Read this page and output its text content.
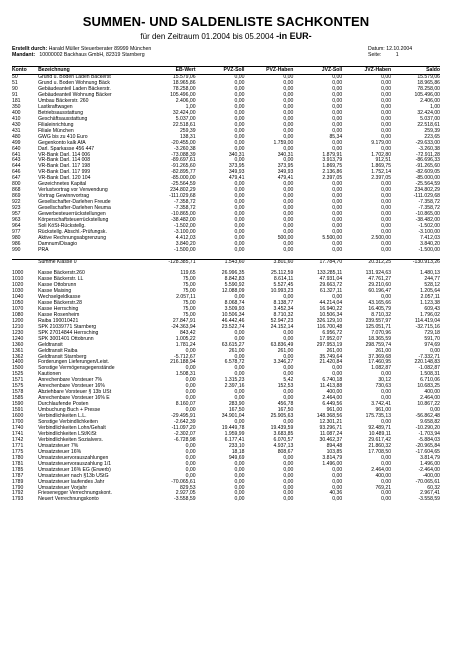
SUMMEN- UND SALDENLISTE SACHKONTEN
für den Zeitraum 01.2004 bis 05.2004 -in EUR-
Erstellt durch: Harald Müller Steuerberater 89999 München
Mandant: 10000002 Backhaus GmbH, 82319 Starnberg
Datum: 12.10.2004
Seite:	1
Konto	Bezeichnung	EB-Wert	PVZ-Soll	PVZ-Haben	JVZ-Soll	JVZ-Haben	Saldo
50	Grund u. Boden Laden Bäckerst	15.579,06	0,00	0,00	0,00	0,00	15.579,06
51	Grund u. Boden Wohnung Bäck	18.965,86	0,00	0,00	0,00	0,00	18.965,86
90	Gebäudeanteil Laden Bäckerstr.	78.258,00	0,00	0,00	0,00	0,00	78.258,00
91	Gebäudeanteil Wohnung Bäcker	105.496,00	0,00	0,00	0,00	0,00	105.496,00
181	Umbau Bäckerstr. 260	2.406,00	0,00	0,00	0,00	0,00	2.406,00
350	Lastkraftwagen	1,00	0,00	0,00	0,00	0,00	1,00
400	Betriebsausstattung	32.424,00	0,00	0,00	0,00	0,00	32.424,00
410	Geschäftsausstattung	5.037,00	0,00	0,00	0,00	0,00	5.037,00
430	Filialeinrichtung	22.518,61	0,00	0,00	0,00	0,00	22.518,61
431	Filiale München	259,39	0,00	0,00	0,00	0,00	259,39
480	GWG bis zu 410 Euro	138,31	0,00	0,00	85,34	0,00	223,65
499	Gegenkonto kalk AfA	-20.455,00	0,00	1.759,00	0,00	9.179,00	-29.633,00
640	Darl. Sparkasse 456 447	-3.260,38	0,00	0,00	0,00	0,00	-3.260,38
641	VR-Bank Darl. 114 006	-73.088,39	340,31	340,31	1.879,91	1.702,80	-72.911,28
643	VR-Bank Darl. 114 008	-89.697,61	0,00	0,00	3.913,79	912,51	-86.696,33
644	VR-Bank Darl. 117 198	-91.265,60	373,95	373,95	1.869,75	1.869,75	-91.265,60
646	VR-Bank Darl. 117 999	-82.895,77	349,93	349,93	2.136,86	1.752,14	-82.609,05
647	VR-Bank Darl. 120 104	-85.000,00	479,41	479,41	2.397,05	2.397,05	-85.000,00
800	Gezeichnetes Kapital	-25.564,59	0,00	0,00	0,00	0,00	-25.564,59
868	Verlustvortrag vor Verwendung	234.802,29	0,00	0,00	0,00	0,00	234.802,29
869	Vortrag Gewinnvortrag	-111.029,68	0,00	0,00	0,00	0,00	-111.029,68
922	Gesellschafter-Darlehen Freude	-7.358,72	0,00	0,00	0,00	0,00	-7.358,72
923	Gesellschafter-Darlehen Neuma	-7.358,72	0,00	0,00	0,00	0,00	-7.358,72
957	Gewerbesteuerrückstellungen	-10.865,00	0,00	0,00	0,00	0,00	-10.865,00
963	Körperschaftsteuerrückstellung	-38.482,00	0,00	0,00	0,00	0,00	-38.482,00
964	Soli KöSt-Rückstellg.	-1.502,00	0,00	0,00	0,00	0,00	-1.502,00
977	Rückstellg. Abschl.-Prüfungsk.	-3.100,00	0,00	0,00	0,00	0,00	-3.100,00
980	Aktive Rechnungsabgrenzung	4.412,03	0,00	500,00	5.500,00	2.500,00	7.412,03
986	Damnum/Disagio	3.840,20	0,00	0,00	0,00	0,00	3.840,20
990	PRA	-1.500,00	0,00	0,00	0,00	0,00	-1.500,00

	Summe Klasse 0	-128.385,71	1.543,60	3.801,60	17.784,70	20.312,25	-130.913,26

1000	Kasse Bäckerstr.260	119,65	26.996,35	25.112,59	133.285,11	131.924,63	1.480,13
1010	Kasse Bäckerstr. LL	75,00	8.842,83	8.614,11	47.931,04	47.761,27	244,77
1020	Kasse Ottobrunn	75,00	5.590,92	5.527,45	29.663,72	29.210,60	528,12
1030	Kasse Maising	75,00	12.088,09	10.993,23	61.327,11	60.196,47	1.205,64
1040	Wechselgeldkasse	2.057,11	0,00	0,00	0,00	0,00	2.057,11
1050	Kasse Bäckerstr.28	75,00	8.068,74	8.138,77	44.214,04	43.165,66	1.123,38
1070	Kasse Herrsching	75,00	3.509,93	3.452,34	16.940,22	16.405,79	609,43
1080	Kasse Rosenheim	75,00	10.506,34	8.710,32	10.506,34	8.710,32	1.796,02
1200	Raiba 190010421	27.847,91	46.442,46	52.947,23	326.129,10	239.557,97	114.419,04
1210	SPK 21039771 Starnberg	-24.363,94	23.522,74	24.152,14	116.700,48	125.051,71	-32.715,16
1230	SPK 27014844 Herrsching	843,42	0,00	0,00	6.956,72	7.070,96	729,18
1240	SPK 3001401 Ottobrunn	1.005,22	0,00	0,00	17.952,07	18.365,59	591,70
1360	Geldtransit	1.781,24	63.615,27	63.836,49	297.953,19	298.759,74	974,69
1361	Geldtransit Raiba	0,00	261,00	261,00	261,00	261,00	0,00
1362	Geldtransit Starnberg	-5.712,67	0,00	0,00	35.749,64	37.369,68	-7.332,71
1400	Forderungen Lieferungen/Leist.	216.188,94	6.578,72	3.346,27	21.420,84	17.460,95	220.148,83
1500	Sonstige Vermögensgegenstände	0,00	0,00	0,00	0,00	1.082,87	-1.082,87
1525	Kautionen	1.508,31	0,00	0,00	0,00	0,00	1.508,31
1571	Anrechenbare Vorsteuer 7%	0,00	1.315,23	5,42	6.740,18	30,12	6.710,06
1575	Anrechenbare Vorsteuer 16%	0,00	2.397,16	152,53	11.413,88	730,63	10.683,25
1578	Abziehbare Vorsteuer § 13b USt	0,00	0,00	0,00	400,00	0,00	400,00
1585	Anrechenbare Vorsteuer 16% E	0,00	0,00	0,00	2.464,00	0,00	2.464,00
1590	Durchlaufende Posten	8.160,07	283,90	456,78	6.449,56	3.742,41	10.867,22
1591	Umbuchung Buch + Presse	0,00	167,50	167,50	961,00	961,00	0,00
1600	Verbindlichkeiten L.L.	-29.495,91	34.901,04	25.905,63	148.368,56	175.735,13	-56.862,48
1700	Sonstige Verbindlichkeiten	-2.642,39	0,00	0,00	12.301,21	0,00	9.658,82
1740	Verbindlichkeiten Lohn/Gehalt	-11.097,20	19.449,78	19.439,59	93.296,71	92.489,71	-10.290,20
1741	Verbindlichkeiten LSt/KiSt	-2.302,07	1.959,99	3.683,85	11.087,24	10.489,11	-1.703,94
1742	Verbindlichkeiten Sozialvers.	-6.728,98	6.177,41	6.070,57	30.462,37	29.617,42	-5.884,03
1771	Umsatzsteuer 7%	0,00	233,10	4.937,13	894,48	21.860,32	-20.965,84
1775	Umsatzsteuer 16%	0,00	18,18	808,67	103,85	17.708,50	-17.604,65
1780	Umsatzsteuervorauszahlungen	0,00	949,69	0,00	3.814,79	0,00	3.814,79
1781	Umsatzsteuervorauszahlung 1/1	0,00	0,00	0,00	1.496,00	0,00	1.496,00
1785	Umsatzsteuer 16% EG (Erwerb)	0,00	0,00	0,00	0,00	2.464,00	-2.464,00
1787	Umsatzsteuer nach §13b UStG	0,00	0,00	0,00	0,00	400,00	-400,00
1789	Umsatzsteuer laufendes Jahr	-70.065,61	0,00	0,00	0,00	0,00	-70.065,61
1790	Umsatzsteuer Vorjahr	829,53	0,00	0,00	0,00	769,21	60,32
1792	Friesenegger Verrechnungskont.	2.927,05	0,00	0,00	40,36	0,00	2.967,41
1793	Neuert Verrechnungskonto	-3.558,59	0,00	0,00	0,00	0,00	-3.558,59
